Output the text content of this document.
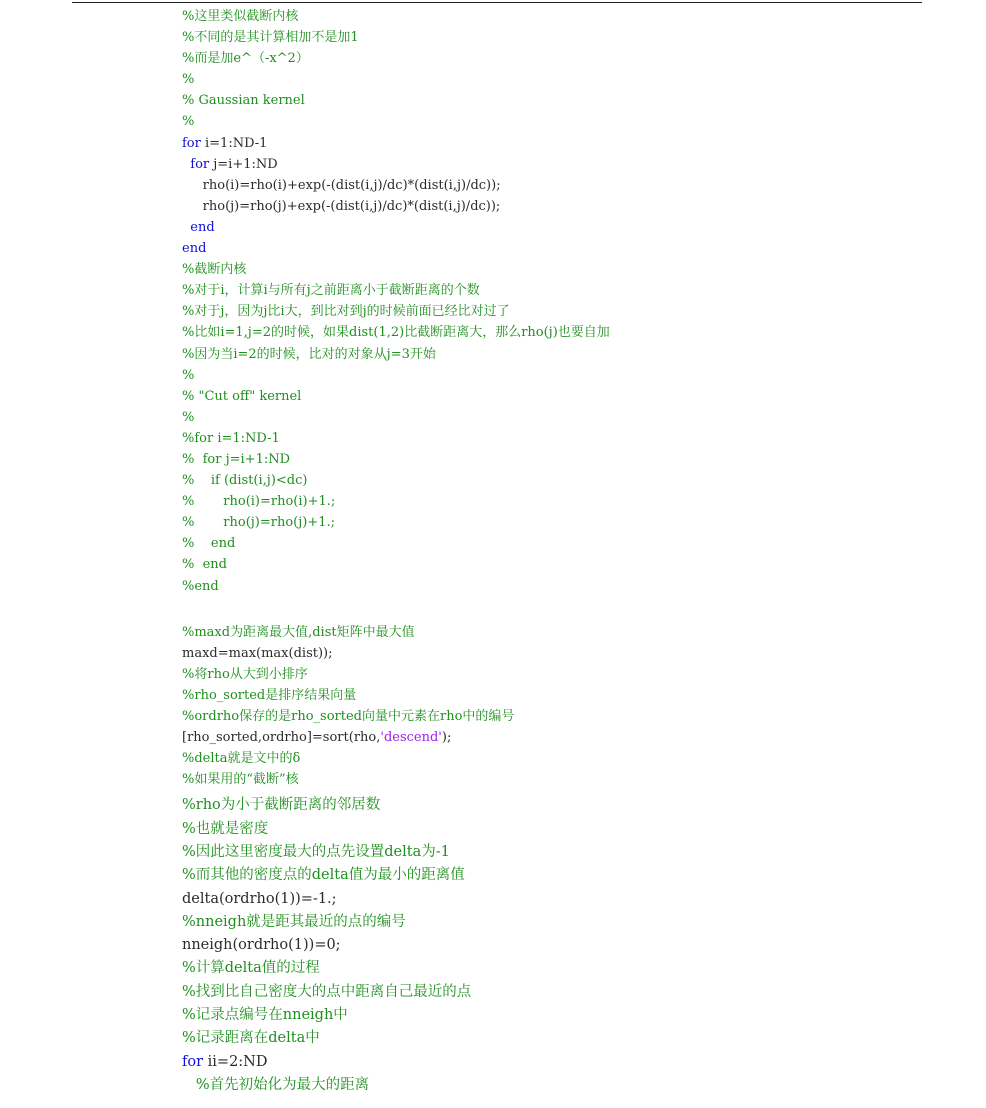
%这里类似截断内核
%不同的是其计算相加不是加1
%而是加e^（-x^2）
%
% Gaussian kernel
%
for i=1:ND-1
for j=i+1:ND
rho(i)=rho(i)+exp(-(dist(i,j)/dc)*(dist(i,j)/dc));
rho(j)=rho(j)+exp(-(dist(i,j)/dc)*(dist(i,j)/dc));
end
end
%截断内核
%对于i，计算i与所有j之前距离小于截断距离的个数
%对于j，因为j比i大，到比对到j的时候前面已经比对过了
%比如i=1,j=2的时候，如果dist(1,2)比截断距离大，那么rho(j)也要自加
%因为当i=2的时候，比对的对象从j=3开始
%
% "Cut off" kernel
%
%for i=1:ND-1
%  for j=i+1:ND
%    if (dist(i,j)<dc)
%       rho(i)=rho(i)+1.;
%       rho(j)=rho(j)+1.;
%    end
%  end
%end
%maxd为距离最大值,dist矩阵中最大值
maxd=max(max(dist));
%将rho从大到小排序
%rho_sorted是排序结果向量
%ordrho保存的是rho_sorted向量中元素在rho中的编号
[rho_sorted,ordrho]=sort(rho,'descend');
%delta就是文中的δ
%如果用的“截断”核
%rho为小于截断距离的邻居数
%也就是密度
%因此这里密度最大的点先设置delta为-1
%而其他的密度点的delta值为最小的距离值
delta(ordrho(1))=-1.;
%nneigh就是距其最近的点的编号
nneigh(ordrho(1))=0;
%计算delta值的过程
%找到比自己密度大的点中距离自己最近的点
%记录点编号在nneigh中
%记录距离在delta中
for ii=2:ND
%首先初始化为最大的距离
